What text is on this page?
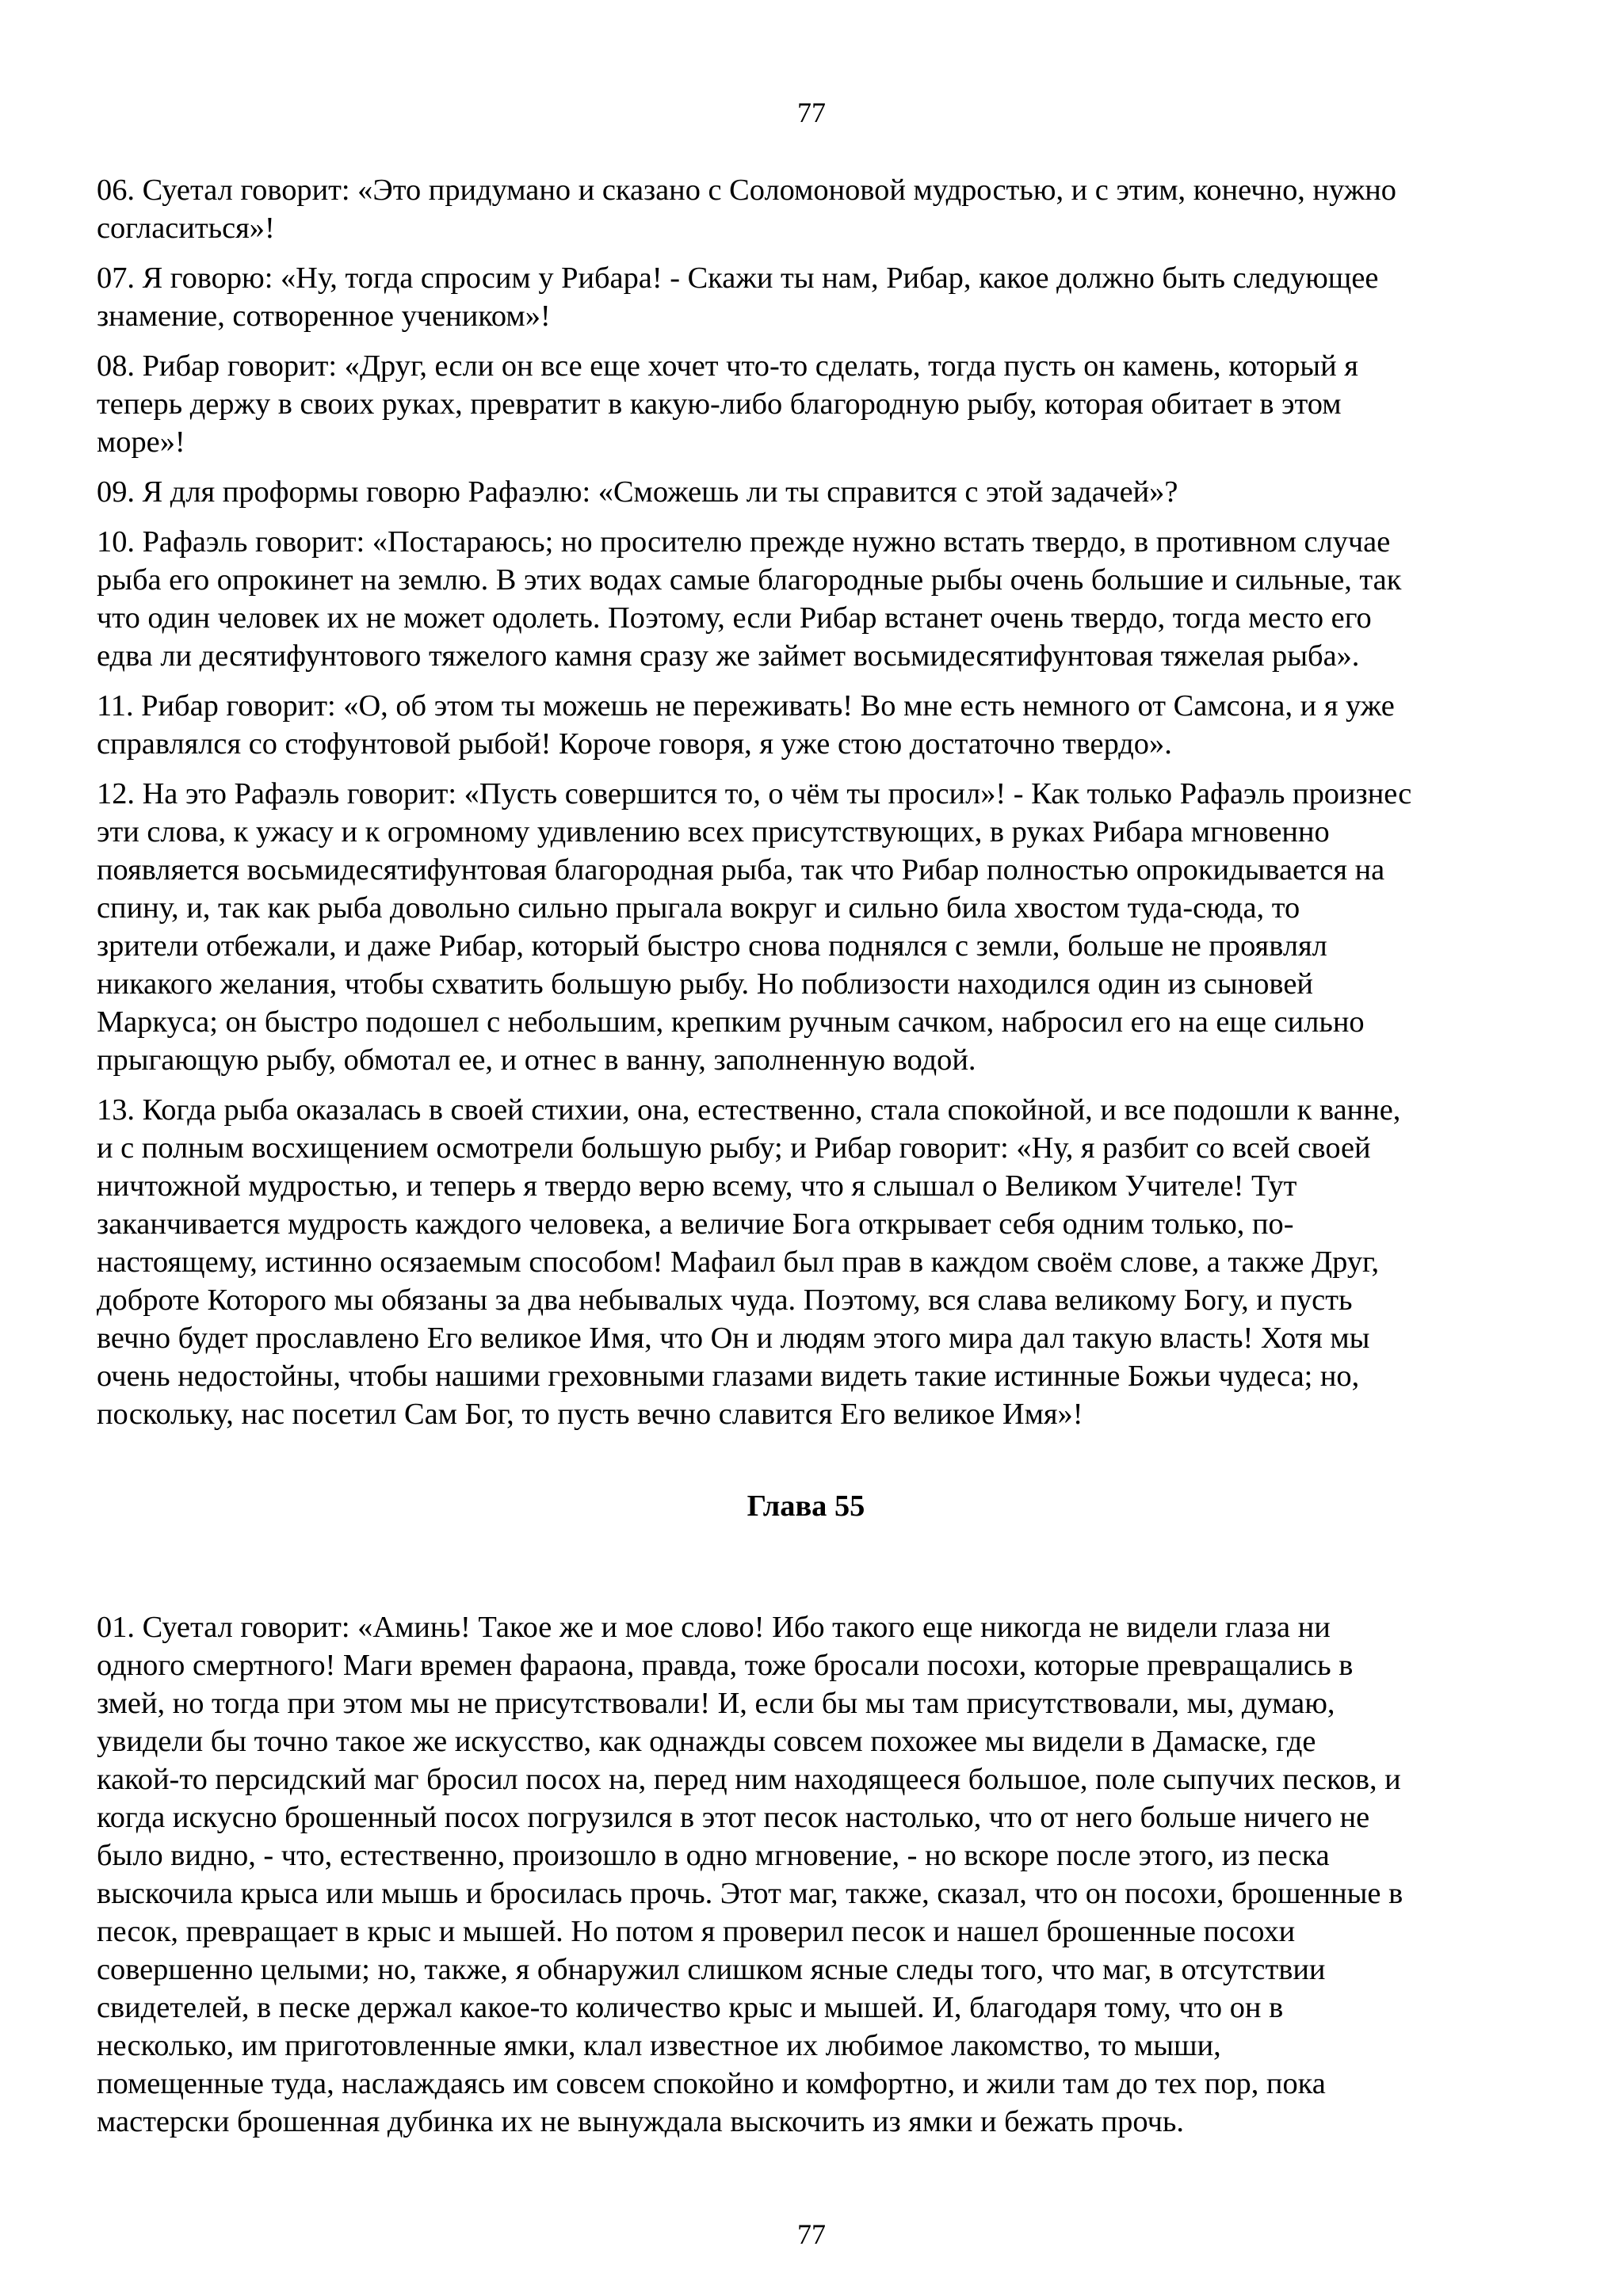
77
06. Суетал говорит: «Это придумано и сказано с Соломоновой мудростью, и с этим, конечно, нужно
согласиться»!
07. Я говорю: «Ну, тогда спросим у Рибара! - Скажи ты нам, Рибар, какое должно быть следующее
знамение, сотворенное учеником»!
08. Рибар говорит: «Друг, если он все еще хочет что-то сделать, тогда пусть он камень, который я
теперь держу в своих руках, превратит в какую-либо благородную рыбу, которая обитает в этом
море»!
09. Я для проформы говорю Рафаэлю: «Сможешь ли ты справится с этой задачей»?
10. Рафаэль говорит: «Постараюсь; но просителю прежде нужно встать твердо, в противном случае
рыба его опрокинет на землю. В этих водах самые благородные рыбы очень большие и сильные, так
что один человек их не может одолеть. Поэтому, если Рибар встанет очень твердо, тогда место его
едва ли десятифунтового тяжелого камня сразу же займет восьмидесятифунтовая тяжелая рыба».
11. Рибар говорит: «О, об этом ты можешь не переживать! Во мне есть немного от Самсона, и я уже
справлялся со стофунтовой рыбой! Короче говоря, я уже стою достаточно твердо».
12. На это Рафаэль говорит: «Пусть совершится то, о чём ты просил»! - Как только Рафаэль произнес
эти слова, к ужасу и к огромному удивлению всех присутствующих, в руках Рибара мгновенно
появляется восьмидесятифунтовая благородная рыба, так что Рибар полностью опрокидывается на
спину, и, так как рыба довольно сильно прыгала вокруг и сильно била хвостом туда-сюда, то
зрители отбежали, и даже Рибар, который быстро снова поднялся с земли, больше не проявлял
никакого желания, чтобы схватить большую рыбу. Но поблизости находился один из сыновей
Маркуса; он быстро подошел с небольшим, крепким ручным сачком, набросил его на еще сильно
прыгающую рыбу, обмотал ее, и отнес в ванну, заполненную водой.
13. Когда рыба оказалась в своей стихии, она, естественно, стала спокойной, и все подошли к ванне,
и с полным восхищением осмотрели большую рыбу; и Рибар говорит: «Ну, я разбит со всей своей
ничтожной мудростью, и теперь я твердо верю всему, что я слышал о Великом Учителе! Тут
заканчивается мудрость каждого человека, а величие Бога открывает себя одним только, по-
настоящему, истинно осязаемым способом! Мафаил был прав в каждом своём слове, а также Друг,
доброте Которого мы обязаны за два небывалых чуда. Поэтому, вся слава великому Богу, и пусть
вечно будет прославлено Его великое Имя, что Он и людям этого мира дал такую власть! Хотя мы
очень недостойны, чтобы нашими греховными глазами видеть такие истинные Божьи чудеса; но,
поскольку, нас посетил Сам Бог, то пусть вечно славится Его великое Имя»!
Глава 55
01. Суетал говорит: «Аминь! Такое же и мое слово! Ибо такого еще никогда не видели глаза ни
одного смертного! Маги времен фараона, правда, тоже бросали посохи, которые превращались в
змей, но тогда при этом мы не присутствовали! И, если бы мы там присутствовали, мы, думаю,
увидели бы точно такое же искусство, как однажды совсем похожее мы видели в Дамаске, где
какой-то персидский маг бросил посох на, перед ним находящееся большое, поле сыпучих песков, и
когда искусно брошенный посох погрузился в этот песок настолько, что от него больше ничего не
было видно, - что, естественно, произошло в одно мгновение, - но вскоре после этого, из песка
выскочила крыса или мышь и бросилась прочь. Этот маг, также, сказал, что он посохи, брошенные в
песок, превращает в крыс и мышей. Но потом я проверил песок и нашел брошенные посохи
совершенно целыми; но, также, я обнаружил слишком ясные следы того, что маг, в отсутствии
свидетелей, в песке держал какое-то количество крыс и мышей. И, благодаря тому, что он в
несколько, им приготовленные ямки, клал известное их любимое лакомство, то мыши,
помещенные туда, наслаждаясь им совсем спокойно и комфортно, и жили там до тех пор, пока
мастерски брошенная дубинка их не вынуждала выскочить из ямки и бежать прочь.
77
